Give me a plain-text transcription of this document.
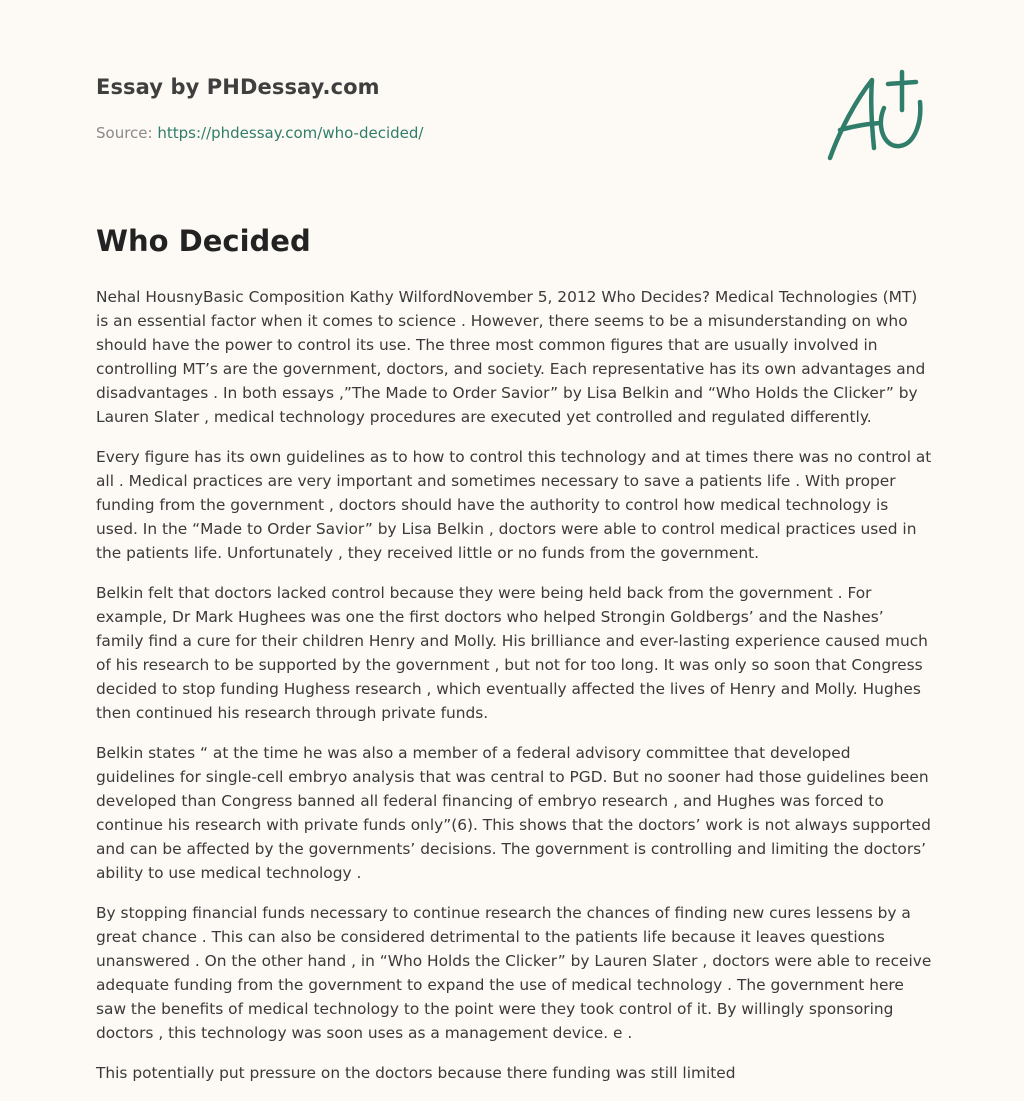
Essay by PHDessay.com
Source: https://phdessay.com/who-decided/
Who Decided

Nehal HousnyBasic Composition Kathy WilfordNovember 5, 2012 Who Decides? Medical Technologies (MT) is an essential factor when it comes to science . However, there seems to be a misunderstanding on who should have the power to control its use. The three most common figures that are usually involved in controlling MT’s are the government, doctors, and society. Each representative has its own advantages and disadvantages . In both essays ,”The Made to Order Savior” by Lisa Belkin and “Who Holds the Clicker” by Lauren Slater , medical technology procedures are executed yet controlled and regulated differently.

Every figure has its own guidelines as to how to control this technology and at times there was no control at all . Medical practices are very important and sometimes necessary to save a patients life . With proper funding from the government , doctors should have the authority to control how medical technology is used. In the “Made to Order Savior” by Lisa Belkin , doctors were able to control medical practices used in the patients life. Unfortunately , they received little or no funds from the government.

Belkin felt that doctors lacked control because they were being held back from the government . For example, Dr Mark Hughees was one the first doctors who helped Strongin Goldbergs’ and the Nashes’ family find a cure for their children Henry and Molly. His brilliance and ever-lasting experience caused much of his research to be supported by the government , but not for too long. It was only so soon that Congress decided to stop funding Hughess research , which eventually affected the lives of Henry and Molly. Hughes then continued his research through private funds.

Belkin states “ at the time he was also a member of a federal advisory committee that developed guidelines for single-cell embryo analysis that was central to PGD. But no sooner had those guidelines been developed than Congress banned all federal financing of embryo research , and Hughes was forced to continue his research with private funds only”(6). This shows that the doctors’ work is not always supported and can be affected by the governments’ decisions. The government is controlling and limiting the doctors’ ability to use medical technology .

By stopping financial funds necessary to continue research the chances of finding new cures lessens by a great chance . This can also be considered detrimental to the patients life because it leaves questions unanswered . On the other hand , in “Who Holds the Clicker” by Lauren Slater , doctors were able to receive adequate funding from the government to expand the use of medical technology . The government here saw the benefits of medical technology to the point were they took control of it. By willingly sponsoring doctors , this technology was soon uses as a management device. e .

This potentially put pressure on the doctors because there funding was still limited
